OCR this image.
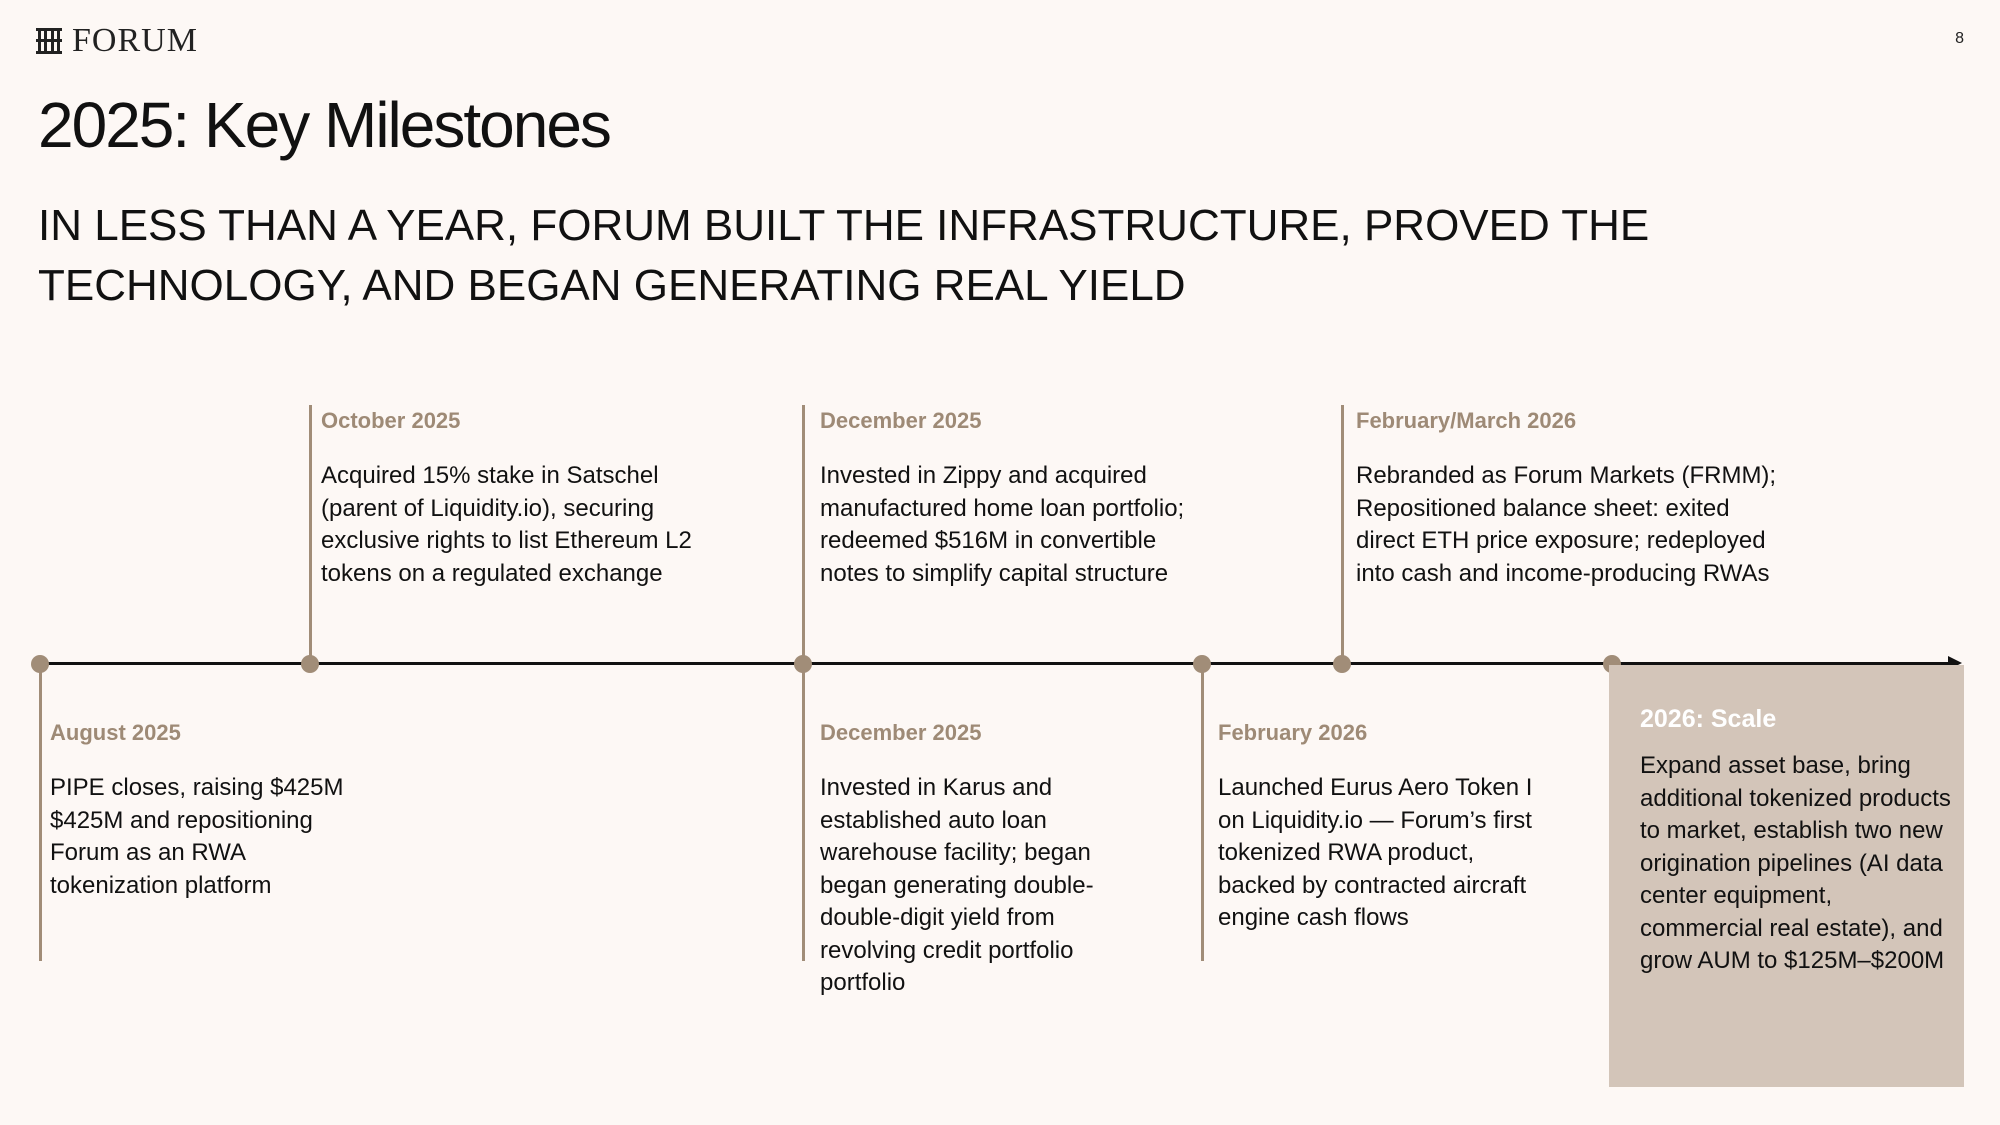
FORUM	8
2025: Key Milestones

IN LESS THAN A YEAR, FORUM BUILT THE INFRASTRUCTURE, PROVED THE TECHNOLOGY, AND BEGAN GENERATING REAL YIELD

October 2025

Acquired 15% stake in Satschel (parent of Liquidity.io), securing exclusive rights to list Ethereum L2 tokens on a regulated exchange

December 2025

Invested in Zippy and acquired manufactured home loan portfolio; redeemed $516M in convertible notes to simplify capital structure

February/March 2026

Rebranded as Forum Markets (FRMM); Repositioned balance sheet: exited direct ETH price exposure; redeployed into cash and income-producing RWAs

August 2025

PIPE closes, raising $425M $425M and repositioning Forum as an RWA tokenization platform

December 2025

Invested in Karus and established auto loan warehouse facility; began began generating double-double-digit yield from revolving credit portfolio portfolio

February 2026

Launched Eurus Aero Token I on Liquidity.io — Forum’s first tokenized RWA product, backed by contracted aircraft engine cash flows

2026: Scale

Expand asset base, bring additional tokenized products to market, establish two new origination pipelines (AI data center equipment, commercial real estate), and grow AUM to $125M–$200M
